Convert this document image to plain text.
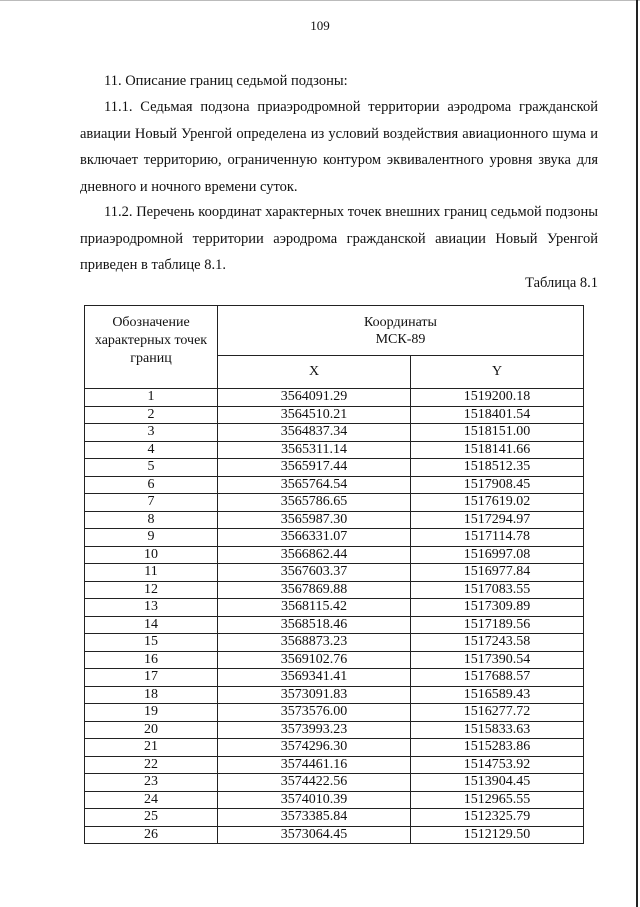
109

11. Описание границ седьмой подзоны:

11.1. Седьмая подзона приаэродромной территории аэродрома гражданской авиации Новый Уренгой определена из условий воздействия авиационного шума и включает территорию, ограниченную контуром эквивалентного уровня звука для дневного и ночного времени суток.

11.2. Перечень координат характерных точек внешних границ седьмой подзоны приаэродромной территории аэродрома гражданской авиации Новый Уренгой приведен в таблице 8.1.

Таблица 8.1
Обозначение характерных точек границ	Координаты
МСК-89	
	X	Y
1	3564091.29	1519200.18
2	3564510.21	1518401.54
3	3564837.34	1518151.00
4	3565311.14	1518141.66
5	3565917.44	1518512.35
6	3565764.54	1517908.45
7	3565786.65	1517619.02
8	3565987.30	1517294.97
9	3566331.07	1517114.78
10	3566862.44	1516997.08
11	3567603.37	1516977.84
12	3567869.88	1517083.55
13	3568115.42	1517309.89
14	3568518.46	1517189.56
15	3568873.23	1517243.58
16	3569102.76	1517390.54
17	3569341.41	1517688.57
18	3573091.83	1516589.43
19	3573576.00	1516277.72
20	3573993.23	1515833.63
21	3574296.30	1515283.86
22	3574461.16	1514753.92
23	3574422.56	1513904.45
24	3574010.39	1512965.55
25	3573385.84	1512325.79
26	3573064.45	1512129.50
